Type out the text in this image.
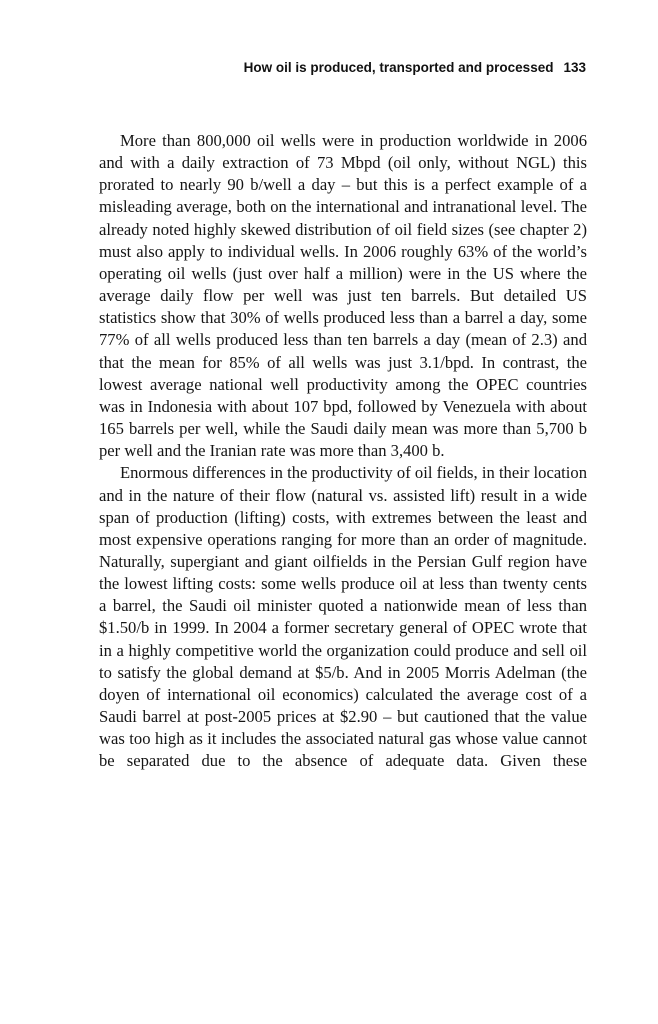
How oil is produced, transported and processed 133

More than 800,000 oil wells were in production worldwide in 2006 and with a daily extraction of 73 Mbpd (oil only, without NGL) this prorated to nearly 90 b/well a day – but this is a perfect example of a misleading average, both on the international and intranational level. The already noted highly skewed distribution of oil field sizes (see chapter 2) must also apply to individual wells. In 2006 roughly 63% of the world’s operating oil wells (just over half a million) were in the US where the average daily flow per well was just ten barrels. But detailed US statistics show that 30% of wells produced less than a barrel a day, some 77% of all wells produced less than ten barrels a day (mean of 2.3) and that the mean for 85% of all wells was just 3.1/bpd. In contrast, the lowest average national well productivity among the OPEC countries was in Indonesia with about 107 bpd, followed by Venezuela with about 165 barrels per well, while the Saudi daily mean was more than 5,700 b per well and the Iranian rate was more than 3,400 b.

Enormous differences in the productivity of oil fields, in their location and in the nature of their flow (natural vs. assisted lift) result in a wide span of production (lifting) costs, with extremes between the least and most expensive operations ranging for more than an order of magnitude. Naturally, supergiant and giant oilfields in the Persian Gulf region have the lowest lifting costs: some wells produce oil at less than twenty cents a barrel, the Saudi oil minister quoted a nationwide mean of less than $1.50/b in 1999. In 2004 a former secretary general of OPEC wrote that in a highly competitive world the organization could produce and sell oil to satisfy the global demand at $5/b. And in 2005 Morris Adelman (the doyen of international oil economics) calculated the average cost of a Saudi barrel at post-2005 prices at $2.90 – but cautioned that the value was too high as it includes the associated natural gas whose value cannot be separated due to the absence of adequate data. Given these
